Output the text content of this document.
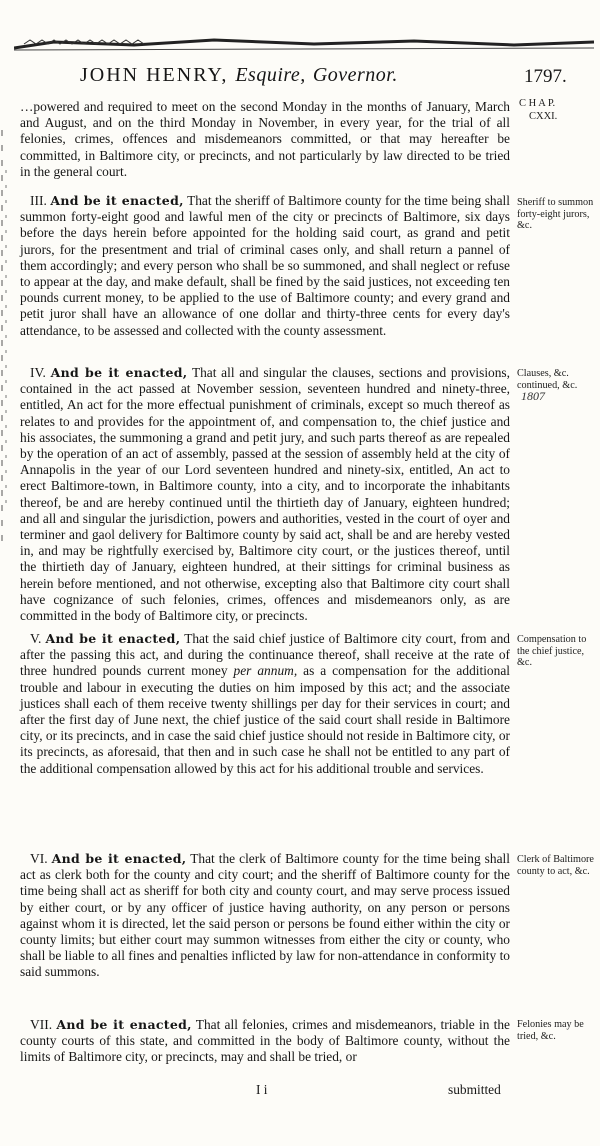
JOHN HENRY, Esquire, Governor.	1797.
C H A P.
CXXI.

…powered and required to meet on the second Monday in the months of January, March and August, and on the third Monday in November, in every year, for the trial of all felonies, crimes, offences and misdemeanors committed, or that may hereafter be committed, in Baltimore city, or precincts, and not particularly by law directed to be tried in the general court.

III. And be it enacted, That the sheriff of Baltimore county for the time being shall summon forty-eight good and lawful men of the city or precincts of Baltimore, six days before the days herein before appointed for the holding said court, as grand and petit jurors, for the presentment and trial of criminal cases only, and shall return a pannel of them accordingly; and every person who shall be so summoned, and shall neglect or refuse to appear at the day, and make default, shall be fined by the said justices, not exceeding ten pounds current money, to be applied to the use of Baltimore county; and every grand and petit juror shall have an allowance of one dollar and thirty-three cents for every day's attendance, to be assessed and collected with the county assessment.

Sheriff to summon forty-eight jurors, &c.

IV. And be it enacted, That all and singular the clauses, sections and provisions, contained in the act passed at November session, seventeen hundred and ninety-three, entitled, An act for the more effectual punishment of criminals, except so much thereof as relates to and provides for the appointment of, and compensation to, the chief justice and his associates, the summoning a grand and petit jury, and such parts thereof as are repealed by the operation of an act of assembly, passed at the session of assembly held at the city of Annapolis in the year of our Lord seventeen hundred and ninety-six, entitled, An act to erect Baltimore-town, in Baltimore county, into a city, and to incorporate the inhabitants thereof, be and are hereby continued until the thirtieth day of January, eighteen hundred; and all and singular the jurisdiction, powers and authorities, vested in the court of oyer and terminer and gaol delivery for Baltimore county by said act, shall be and are hereby vested in, and may be rightfully exercised by, Baltimore city court, or the justices thereof, until the thirtieth day of January, eighteen hundred, at their sittings for criminal business as herein before mentioned, and not otherwise, excepting also that Baltimore city court shall have cognizance of such felonies, crimes, offences and misdemeanors only, as are committed in the body of Baltimore city, or precincts.

Clauses, &c. continued, &c. 1807

V. And be it enacted, That the said chief justice of Baltimore city court, from and after the passing this act, and during the continuance thereof, shall receive at the rate of three hundred pounds current money per annum, as a compensation for the additional trouble and labour in executing the duties on him imposed by this act; and the associate justices shall each of them receive twenty shillings per day for their services in court; and after the first day of June next, the chief justice of the said court shall reside in Baltimore city, or its precincts, and in case the said chief justice should not reside in Baltimore city, or its precincts, as aforesaid, that then and in such case he shall not be entitled to any part of the additional compensation allowed by this act for his additional trouble and services.

Compensation to the chief justice, &c.

VI. And be it enacted, That the clerk of Baltimore county for the time being shall act as clerk both for the county and city court; and the sheriff of Baltimore county for the time being shall act as sheriff for both city and county court, and may serve process issued by either court, or by any officer of justice having authority, on any person or persons against whom it is directed, let the said person or persons be found either within the city or county limits; but either court may summon witnesses from either the city or county, who shall be liable to all fines and penalties inflicted by law for non-attendance in conformity to said summons.

Clerk of Baltimore county to act, &c.

VII. And be it enacted, That all felonies, crimes and misdemeanors, triable in the county courts of this state, and committed in the body of Baltimore county, without the limits of Baltimore city, or precincts, may and shall be tried, or

Felonies may be tried, &c.
I i	submitted
